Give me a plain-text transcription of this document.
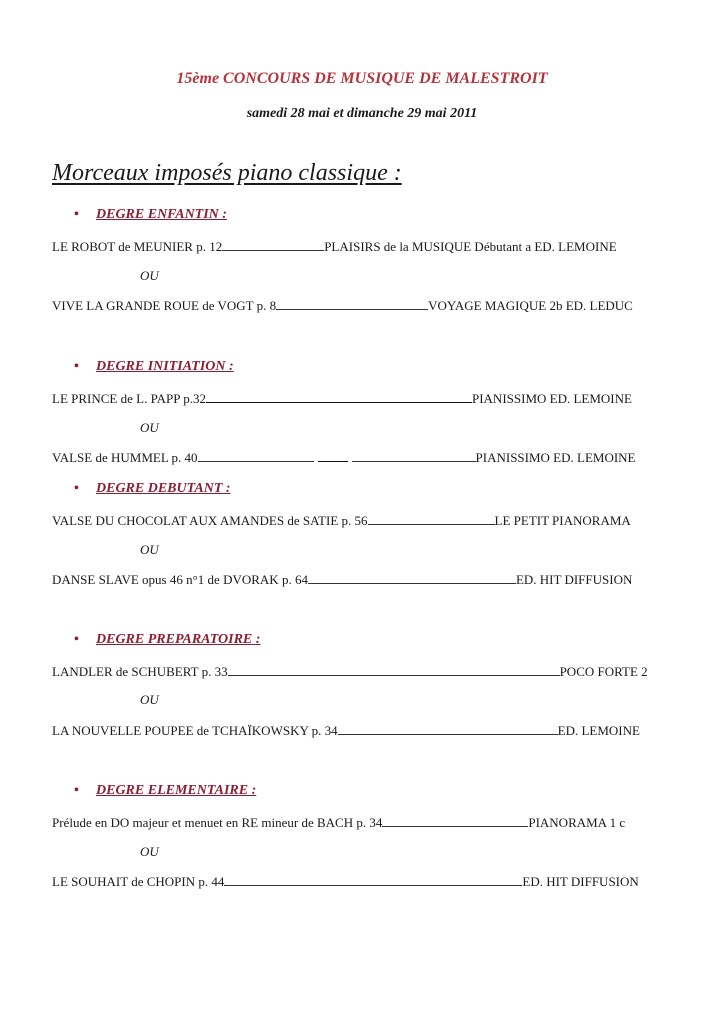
15ème CONCOURS DE MUSIQUE DE MALESTROIT
samedi 28 mai et dimanche 29 mai 2011
Morceaux imposés piano classique :
• DEGRE ENFANTIN :
LE ROBOT de MEUNIER p. 12	PLAISIRS de la MUSIQUE Débutant a ED. LEMOINE
OU
VIVE LA GRANDE ROUE de VOGT p. 8	VOYAGE MAGIQUE 2b ED. LEDUC
• DEGRE INITIATION :
LE PRINCE de L. PAPP p.32	PIANISSIMO ED. LEMOINE
OU
VALSE de HUMMEL p. 40	PIANISSIMO ED. LEMOINE
• DEGRE DEBUTANT :
VALSE DU CHOCOLAT AUX AMANDES de SATIE p. 56	LE PETIT PIANORAMA
OU
DANSE SLAVE opus 46 n°1 de DVORAK p. 64	ED. HIT DIFFUSION
• DEGRE PREPARATOIRE :
LANDLER de SCHUBERT p. 33	POCO FORTE 2
OU
LA NOUVELLE POUPEE de TCHAÏKOWSKY p. 34	ED. LEMOINE
• DEGRE ELEMENTAIRE :
Prélude en DO majeur et menuet en RE mineur de BACH p. 34	PIANORAMA 1 c
OU
LE SOUHAIT de CHOPIN p. 44	ED. HIT DIFFUSION
